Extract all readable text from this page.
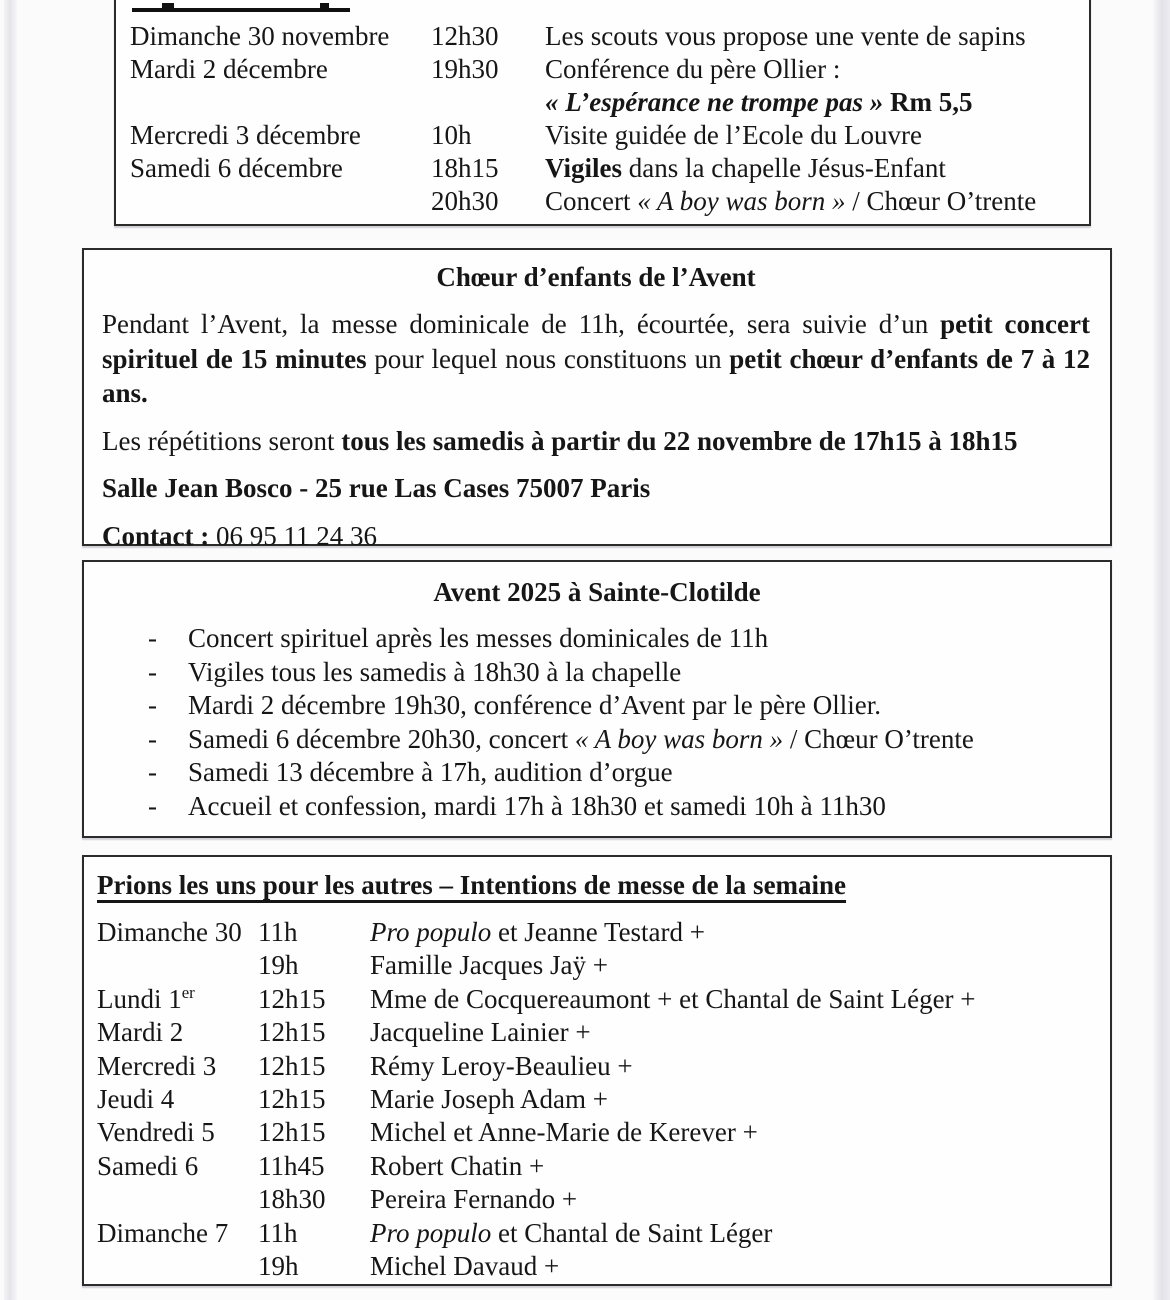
Dimanche 30 novembre	12h30	Les scouts vous propose une vente de sapins
Mardi 2 décembre	19h30	Conférence du père Ollier :
« L’espérance ne trompe pas » Rm 5,5
Mercredi 3 décembre	10h	Visite guidée de l’Ecole du Louvre
Samedi 6 décembre	18h15	Vigiles dans la chapelle Jésus-Enfant
20h30	Concert « A boy was born » / Chœur O’trente
Chœur d’enfants de l’Avent
Pendant l’Avent, la messe dominicale de 11h, écourtée, sera suivie d’un petit concert spirituel de 15 minutes pour lequel nous constituons un petit chœur d’enfants de 7 à 12 ans.
Les répétitions seront tous les samedis à partir du 22 novembre de 17h15 à 18h15
Salle Jean Bosco - 25 rue Las Cases 75007 Paris
Contact : 06 95 11 24 36
Avent 2025 à Sainte-Clotilde
-	Concert spirituel après les messes dominicales de 11h
-	Vigiles tous les samedis à 18h30 à la chapelle
-	Mardi 2 décembre 19h30, conférence d’Avent par le père Ollier.
-	Samedi 6 décembre 20h30, concert « A boy was born » / Chœur O’trente
-	Samedi 13 décembre à 17h, audition d’orgue
-	Accueil et confession, mardi 17h à 18h30 et samedi 10h à 11h30
Prions les uns pour les autres – Intentions de messe de la semaine
Dimanche 30 11h	Pro populo et Jeanne Testard +
19h	Famille Jacques Jaÿ +
Lundi 1er	12h15	Mme de Cocquereaumont + et Chantal de Saint Léger +
Mardi 2	12h15	Jacqueline Lainier +
Mercredi 3	12h15	Rémy Leroy-Beaulieu +
Jeudi 4	12h15	Marie Joseph Adam +
Vendredi 5	12h15	Michel et Anne-Marie de Kerever +
Samedi 6	11h45	Robert Chatin +
18h30	Pereira Fernando +
Dimanche 7	11h	Pro populo et Chantal de Saint Léger
19h	Michel Davaud +
